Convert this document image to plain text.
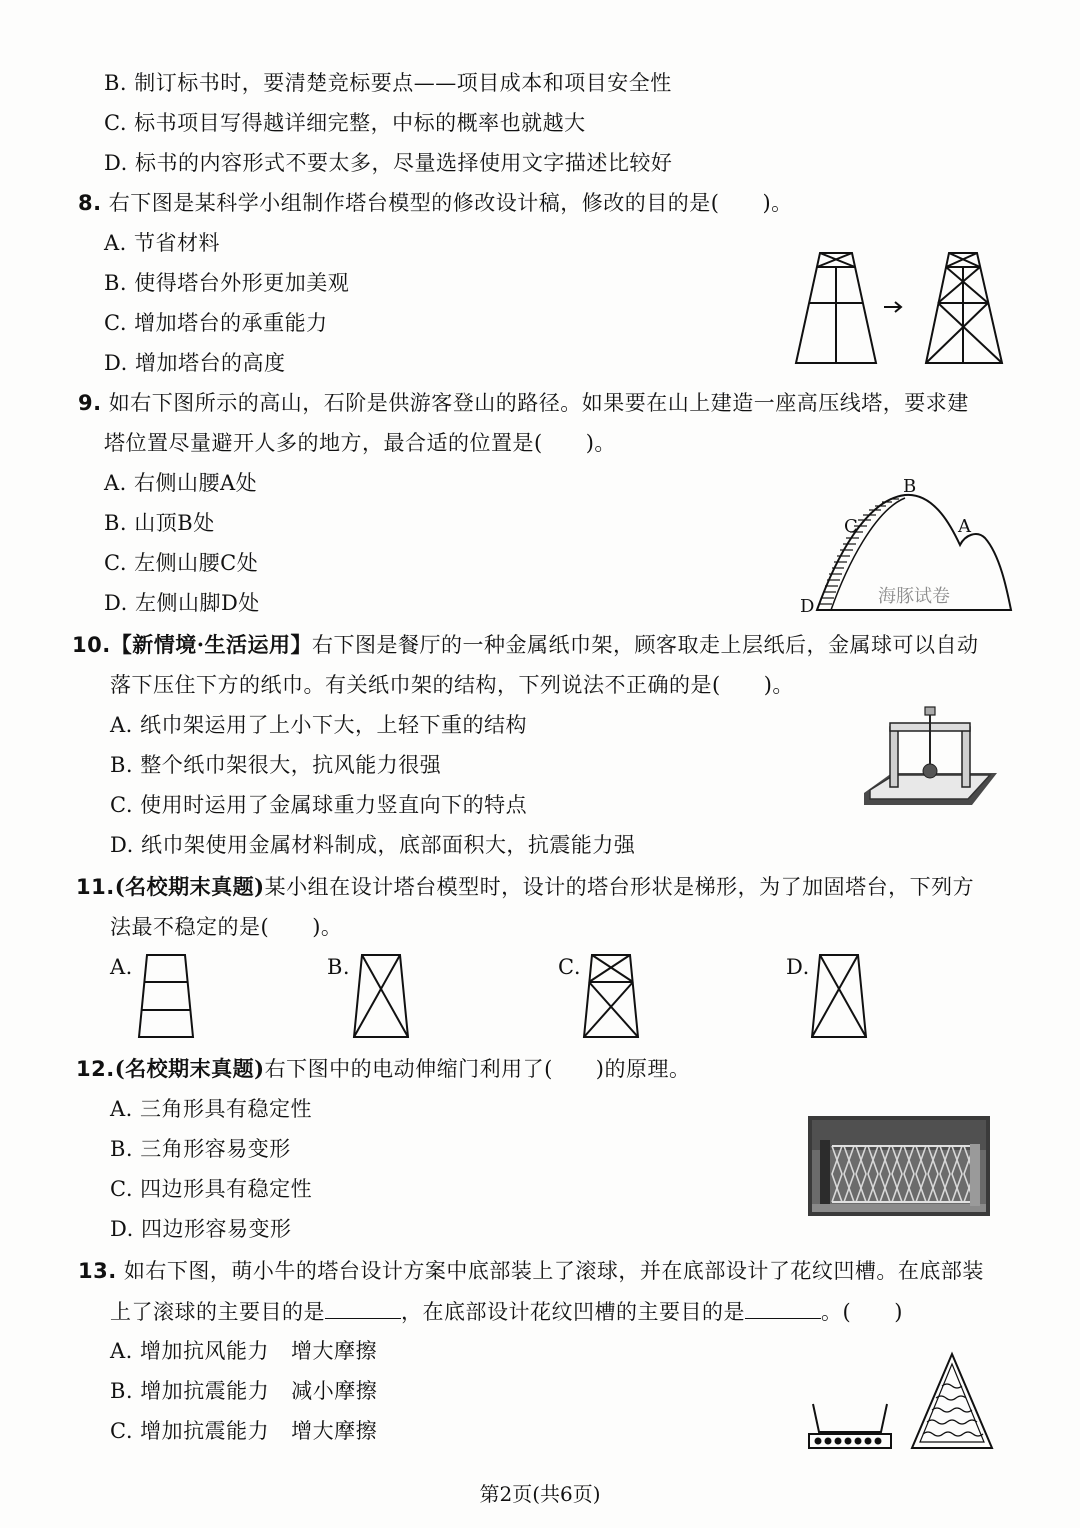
B. 制订标书时，要清楚竞标要点——项目成本和项目安全性
C. 标书项目写得越详细完整，中标的概率也就越大
D. 标书的内容形式不要太多，尽量选择使用文字描述比较好
8. 右下图是某科学小组制作塔台模型的修改设计稿，修改的目的是(　　)。
A. 节省材料
B. 使得塔台外形更加美观
C. 增加塔台的承重能力
D. 增加塔台的高度
9. 如右下图所示的高山，石阶是供游客登山的路径。如果要在山上建造一座高压线塔，要求建
塔位置尽量避开人多的地方，最合适的位置是(　　)。
A. 右侧山腰A处
B. 山顶B处
C. 左侧山腰C处
D. 左侧山脚D处
B
C	A
D	海豚试卷
10.【新情境·生活运用】右下图是餐厅的一种金属纸巾架，顾客取走上层纸后，金属球可以自动
落下压住下方的纸巾。有关纸巾架的结构，下列说法不正确的是(　　)。
A. 纸巾架运用了上小下大，上轻下重的结构
B. 整个纸巾架很大，抗风能力很强
C. 使用时运用了金属球重力竖直向下的特点
D. 纸巾架使用金属材料制成，底部面积大，抗震能力强
11.(名校期末真题)某小组在设计塔台模型时，设计的塔台形状是梯形，为了加固塔台，下列方
法最不稳定的是(　　)。
A.	B.	C.	D.
12.(名校期末真题)右下图中的电动伸缩门利用了(　　)的原理。
A. 三角形具有稳定性
B. 三角形容易变形
C. 四边形具有稳定性
D. 四边形容易变形
13. 如右下图，萌小牛的塔台设计方案中底部装上了滚球，并在底部设计了花纹凹槽。在底部装
上了滚球的主要目的是	，在底部设计花纹凹槽的主要目的是	。(　　)
A. 增加抗风能力 增大摩擦
B. 增加抗震能力 减小摩擦
C. 增加抗震能力 增大摩擦
第2页(共6页)
